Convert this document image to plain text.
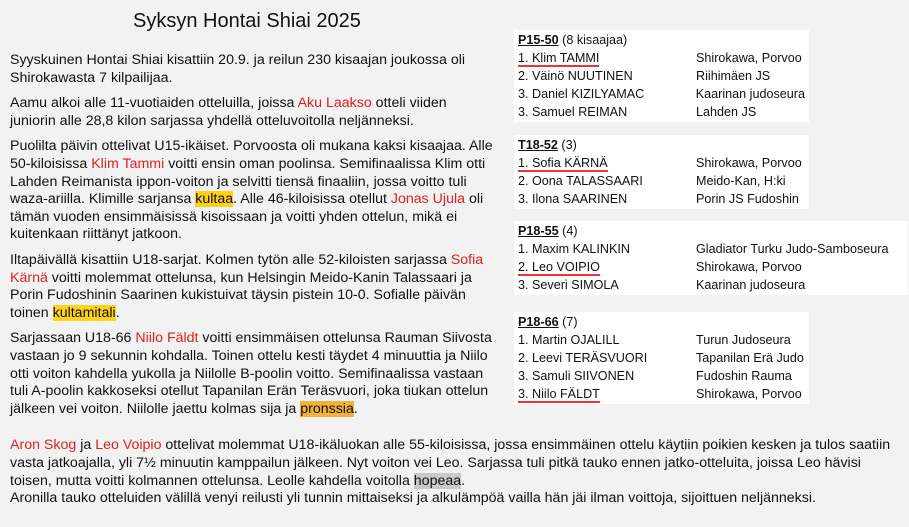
Syksyn Hontai Shiai 2025

Syyskuinen Hontai Shiai kisattiin 20.9. ja reilun 230 kisaajan joukossa oli Shirokawasta 7 kilpailijaa.

Aamu alkoi alle 11-vuotiaiden otteluilla, joissa Aku Laakso otteli viiden juniorin alle 28,8 kilon sarjassa yhdellä otteluvoitolla neljänneksi.

Puolilta päivin ottelivat U15-ikäiset. Porvoosta oli mukana kaksi kisaajaa. Alle 50-kiloisissa Klim Tammi voitti ensin oman poolinsa. Semifinaalissa Klim otti Lahden Reimanista ippon-voiton ja selvitti tiensä finaaliin, jossa voitto tuli waza-ariilla. Klimille sarjansa kultaa. Alle 46-kiloisissa otellut Jonas Ujula oli tämän vuoden ensimmäisissä kisoissaan ja voitti yhden ottelun, mikä ei kuitenkaan riittänyt jatkoon.

Iltapäivällä kisattiin U18-sarjat. Kolmen tytön alle 52-kiloisten sarjassa Sofia Kärnä voitti molemmat ottelunsa, kun Helsingin Meido-Kanin Talassaari ja Porin Fudoshinin Saarinen kukistuivat täysin pistein 10-0. Sofialle päivän toinen kultamitali.

Sarjassaan U18-66 Niilo Fäldt voitti ensimmäisen ottelunsa Rauman Siivosta vastaan jo 9 sekunnin kohdalla. Toinen ottelu kesti täydet 4 minuuttia ja Niilo otti voiton kahdella yukolla ja Niilolle B-poolin voitto. Semifinaalissa vastaan tuli A-poolin kakkoseksi otellut Tapanilan Erän Teräsvuori, joka tiukan ottelun jälkeen vei voiton. Niilolle jaettu kolmas sija ja pronssia.

Aron Skog ja Leo Voipio ottelivat molemmat U18-ikäluokan alle 55-kiloisissa, jossa ensimmäinen ottelu käytiin poikien kesken ja tulos saatiin vasta jatkoajalla, yli 7½ minuutin kamppailun jälkeen. Nyt voiton vei Leo. Sarjassa tuli pitkä tauko ennen jatko-otteluita, joissa Leo hävisi toisen, mutta voitti kolmannen ottelunsa. Leolle kahdella voitolla hopeaa.

Aronilla tauko otteluiden välillä venyi reilusti yli tunnin mittaiseksi ja alkulämpöä vailla hän jäi ilman voittoja, sijoittuen neljänneksi.

P15-50 (8 kisaajaa)
1. Klim TAMMI	Shirokawa, Porvoo
2. Väinö NUUTINEN	Riihimäen JS
3. Daniel KIZILYAMAC	Kaarinan judoseura
3. Samuel REIMAN	Lahden JS
T18-52 (3)
1. Sofia KÄRNÄ	Shirokawa, Porvoo
2. Oona TALASSAARI	Meido-Kan, H:ki
3. Ilona SAARINEN	Porin JS Fudoshin
P18-55 (4)
1. Maxim KALINKIN	Gladiator Turku Judo-Samboseura
2. Leo VOIPIO	Shirokawa, Porvoo
3. Severi SIMOLA	Kaarinan judoseura
P18-66 (7)
1. Martin OJALILL	Turun Judoseura
2. Leevi TERÄSVUORI	Tapanilan Erä Judo
3. Samuli SIIVONEN	Fudoshin Rauma
3. Niilo FÄLDT	Shirokawa, Porvoo
